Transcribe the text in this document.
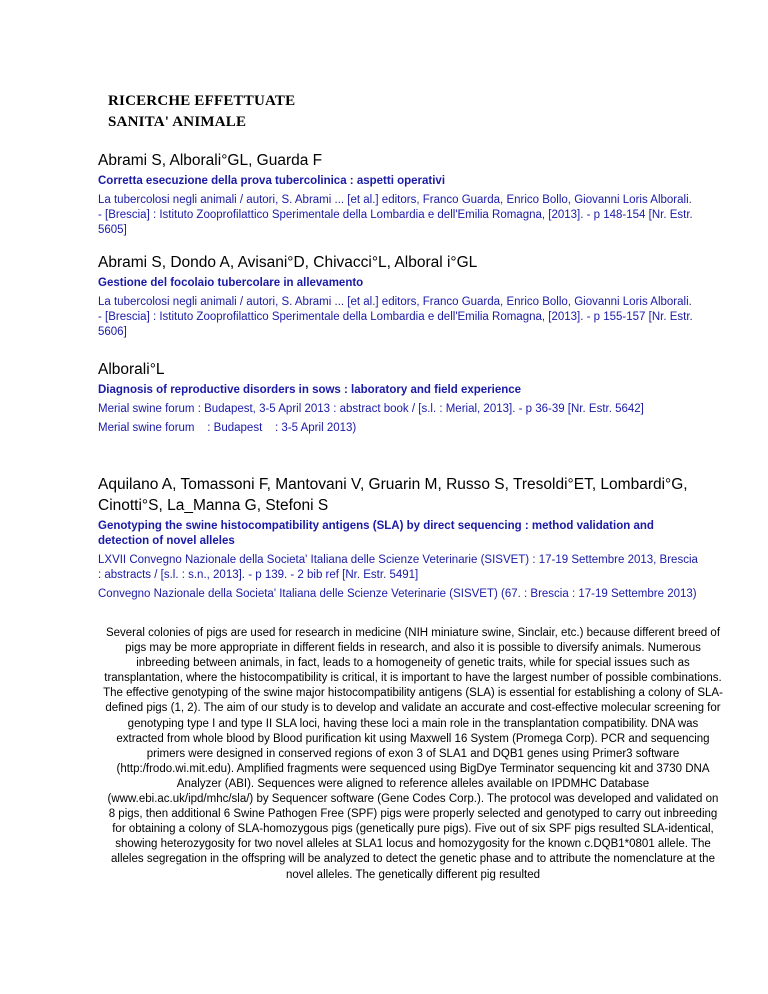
RICERCHE EFFETTUATE
SANITA' ANIMALE

Abrami S, Alborali°GL, Guarda F

Corretta esecuzione della prova tubercolinica : aspetti operativi

La tubercolosi negli animali / autori, S. Abrami ... [et al.] editors, Franco Guarda, Enrico Bollo, Giovanni Loris Alborali. - [Brescia] : Istituto Zooprofilattico Sperimentale della Lombardia e dell'Emilia Romagna, [2013]. - p 148-154 [Nr. Estr. 5605]

Abrami S, Dondo A, Avisani°D, Chivacci°L, Alboral i°GL

Gestione del focolaio tubercolare in allevamento

La tubercolosi negli animali / autori, S. Abrami ... [et al.] editors, Franco Guarda, Enrico Bollo, Giovanni Loris Alborali. - [Brescia] : Istituto Zooprofilattico Sperimentale della Lombardia e dell'Emilia Romagna, [2013]. - p 155-157 [Nr. Estr. 5606]

Alborali°L

Diagnosis of reproductive disorders in sows : laboratory and field experience

Merial swine forum : Budapest, 3-5 April 2013 : abstract book / [s.l. : Merial, 2013]. - p 36-39 [Nr. Estr. 5642]

Merial swine forum    : Budapest    : 3-5 April 2013)

Aquilano A, Tomassoni F, Mantovani V, Gruarin M, Russo S, Tresoldi°ET, Lombardi°G, Cinotti°S, La_Manna G, Stefoni S

Genotyping the swine histocompatibility antigens (SLA) by direct sequencing : method validation and detection of novel alleles

LXVII Convegno Nazionale della Societa' Italiana delle Scienze Veterinarie (SISVET) : 17-19 Settembre 2013, Brescia : abstracts / [s.l. : s.n., 2013]. - p 139. - 2 bib ref [Nr. Estr. 5491]

Convegno Nazionale della Societa' Italiana delle Scienze Veterinarie (SISVET) (67. : Brescia : 17-19 Settembre 2013)

Several colonies of pigs are used for research in medicine (NIH miniature swine, Sinclair, etc.) because different breed of pigs may be more appropriate in different fields in research, and also it is possible to diversify animals. Numerous inbreeding between animals, in fact, leads to a homogeneity of genetic traits, while for special issues such as transplantation, where the histocompatibility is critical, it is important to have the largest number of possible combinations. The effective genotyping of the swine major histocompatibility antigens (SLA) is essential for establishing a colony of SLA-defined pigs (1, 2). The aim of our study is to develop and validate an accurate and cost-effective molecular screening for genotyping type I and type II SLA loci, having these loci a main role in the transplantation compatibility. DNA was extracted from whole blood by Blood purification kit using Maxwell 16 System (Promega Corp). PCR and sequencing primers were designed in conserved regions of exon 3 of SLA1 and DQB1 genes using Primer3 software (http:/frodo.wi.mit.edu). Amplified fragments were sequenced using BigDye Terminator sequencing kit and 3730 DNA Analyzer (ABI). Sequences were aligned to reference alleles available on IPDMHC Database (www.ebi.ac.uk/ipd/mhc/sla/) by Sequencer software (Gene Codes Corp.). The protocol was developed and validated on 8 pigs, then additional 6 Swine Pathogen Free (SPF) pigs were properly selected and genotyped to carry out inbreeding for obtaining a colony of SLA-homozygous pigs (genetically pure pigs). Five out of six SPF pigs resulted SLA-identical, showing heterozygosity for two novel alleles at SLA1 locus and homozygosity for the known c.DQB1*0801 allele. The alleles segregation in the offspring will be analyzed to detect the genetic phase and to attribute the nomenclature at the novel alleles. The genetically different pig resulted
